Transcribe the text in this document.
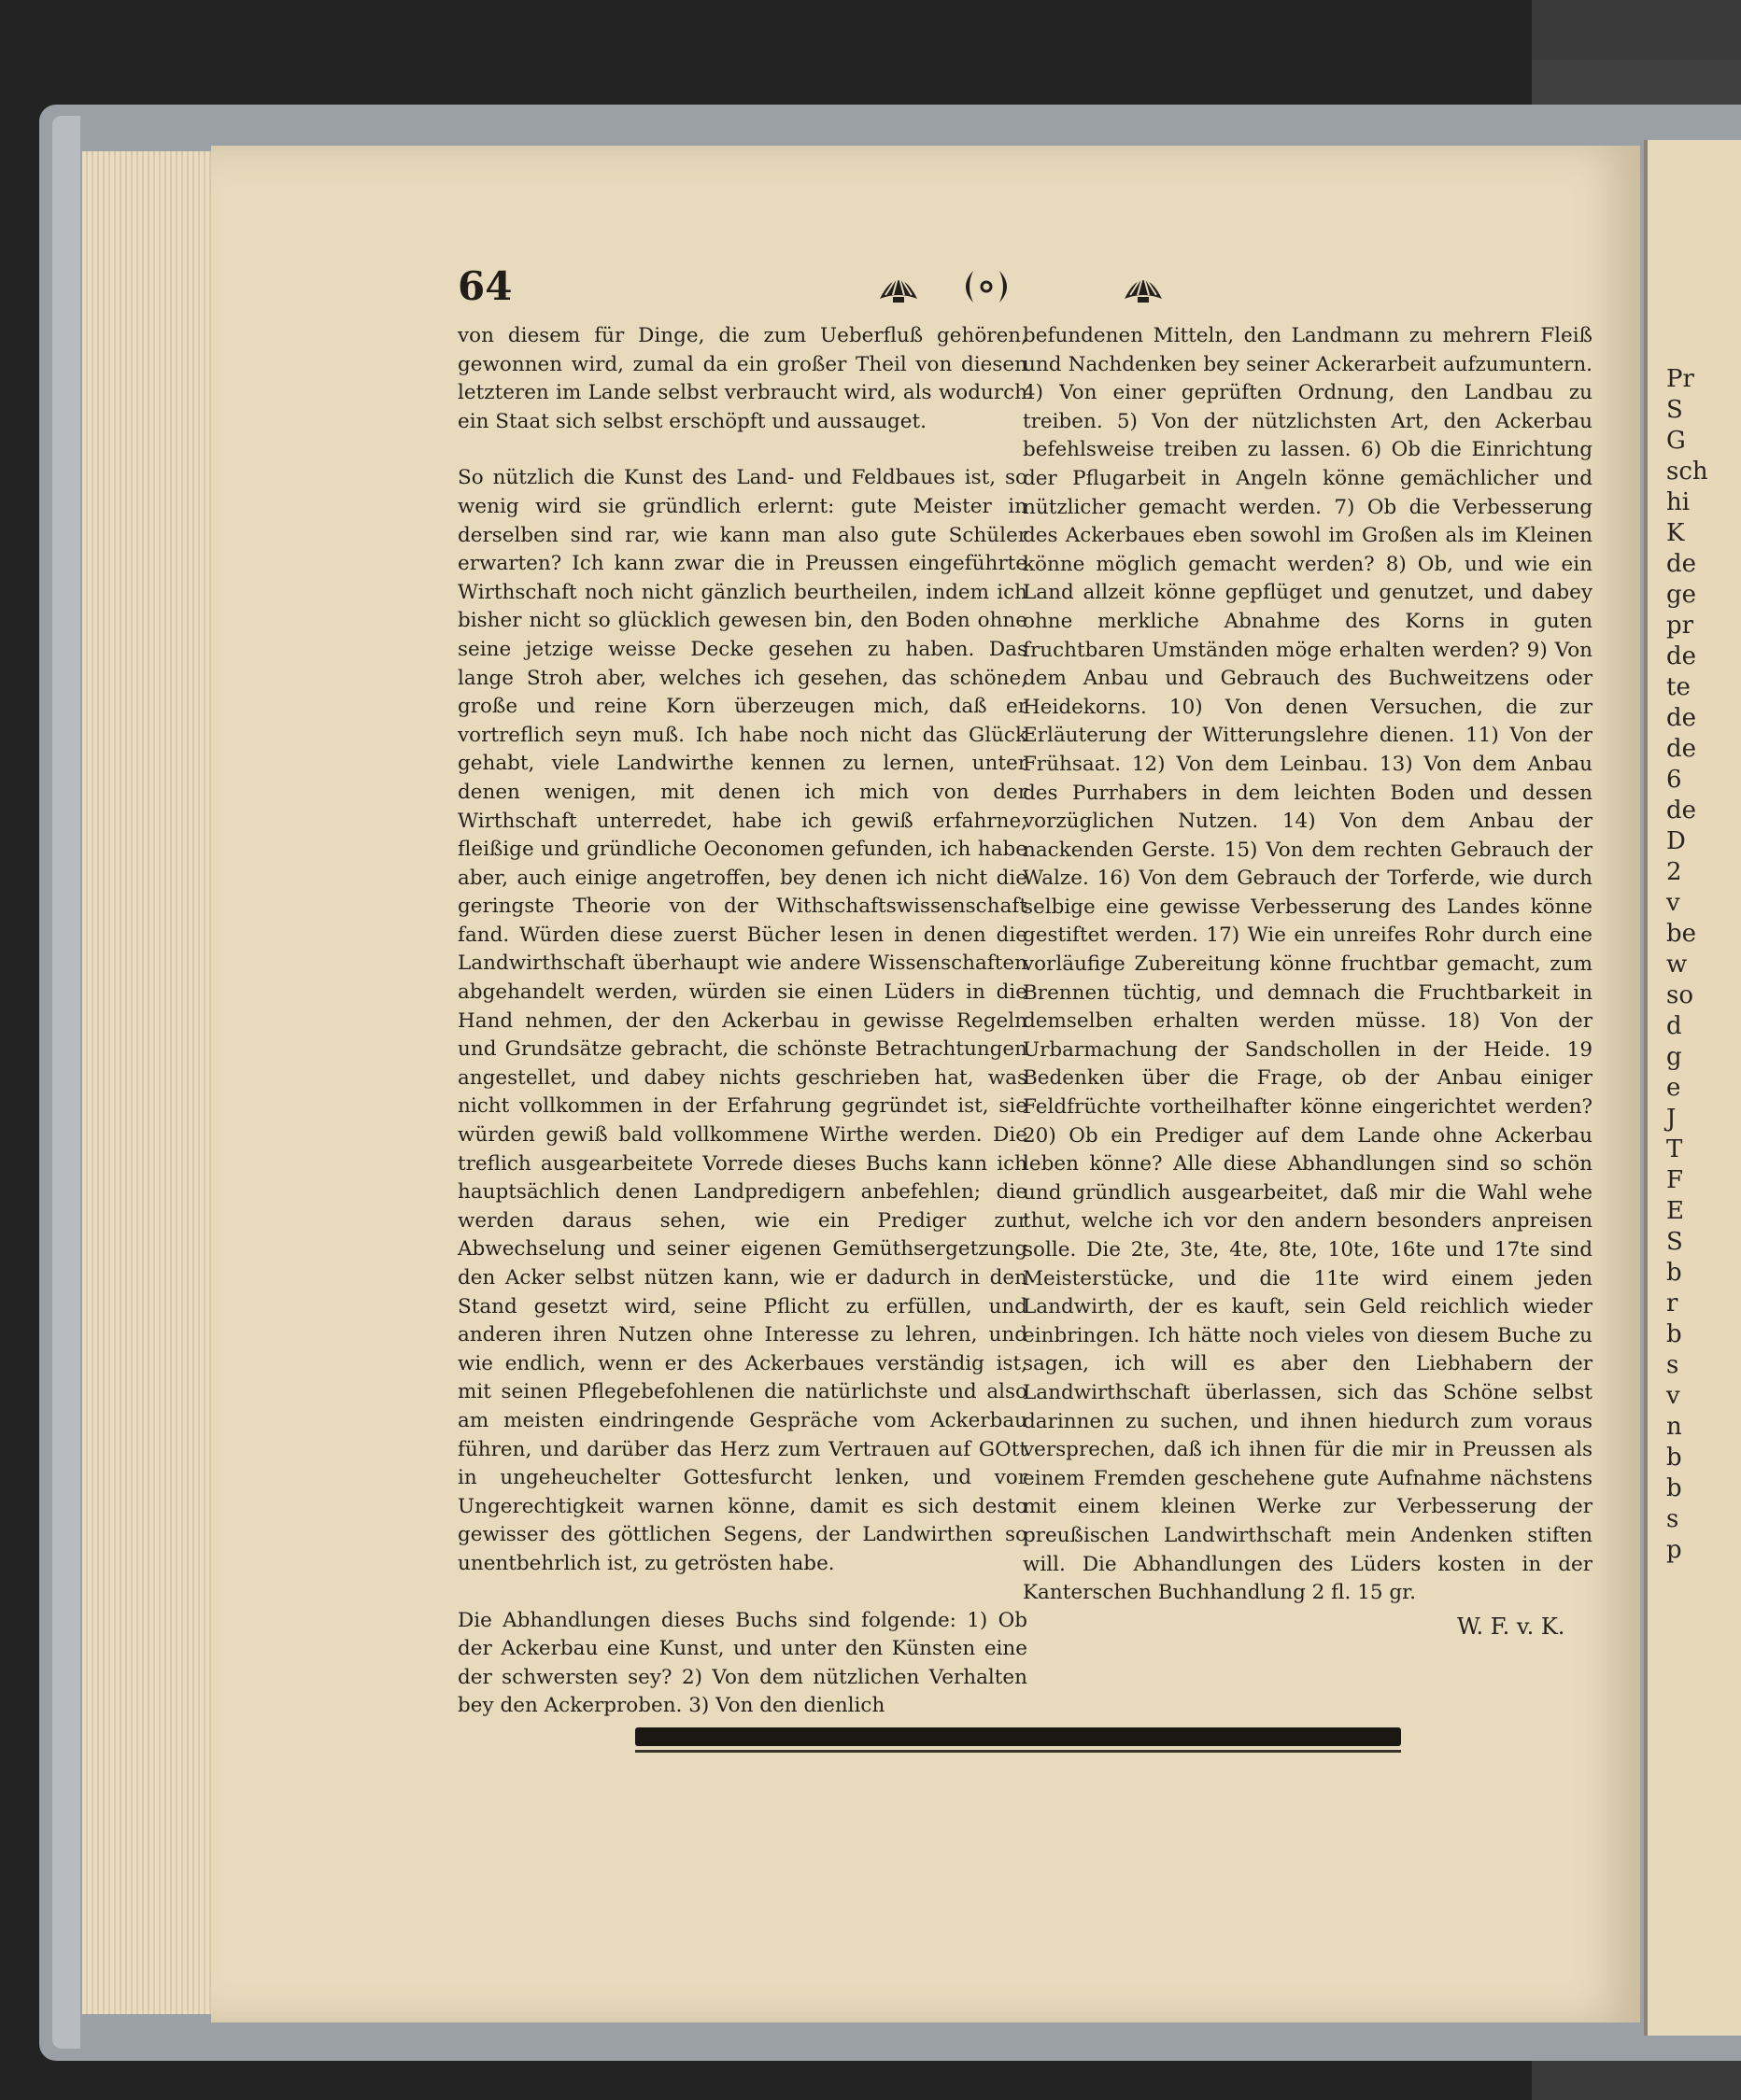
Pr
S
G
sch
hi
K
de
ge
pr
de
te
de
de
6
de
D
2
v
be
w
so
d
g
e
J
T
F
E
S
b
r
b
s
v
n
b
b
s
p
64

von diesem für Dinge, die zum Ueberfluß gehören, gewonnen wird, zumal da ein großer Theil von diesen letzteren im Lande selbst verbraucht wird, als wodurch ein Staat sich selbst erschöpft und aussauget.

So nützlich die Kunst des Land- und Feldbaues ist, so wenig wird sie gründlich erlernt: gute Meister in derselben sind rar, wie kann man also gute Schüler erwarten? Ich kann zwar die in Preussen eingeführte Wirthschaft noch nicht gänzlich beurtheilen, indem ich bisher nicht so glücklich gewesen bin, den Boden ohne seine jetzige weisse Decke gesehen zu haben. Das lange Stroh aber, welches ich gesehen, das schöne, große und reine Korn überzeugen mich, daß er vortreflich seyn muß. Ich habe noch nicht das Glück gehabt, viele Landwirthe kennen zu lernen, unter denen wenigen, mit denen ich mich von der Wirthschaft unterredet, habe ich gewiß erfahrne, fleißige und gründliche Oeconomen gefunden, ich habe aber, auch einige angetroffen, bey denen ich nicht die geringste Theorie von der Withschaftswissenschaft fand. Würden diese zuerst Bücher lesen in denen die Landwirthschaft überhaupt wie andere Wissenschaften abgehandelt werden, würden sie einen Lüders in die Hand nehmen, der den Ackerbau in gewisse Regeln und Grundsätze gebracht, die schönste Betrachtungen angestellet, und dabey nichts geschrieben hat, was nicht vollkommen in der Erfahrung gegründet ist, sie würden gewiß bald vollkommene Wirthe werden. Die treflich ausgearbeitete Vorrede dieses Buchs kann ich hauptsächlich denen Landpredigern anbefehlen; die werden daraus sehen, wie ein Prediger zur Abwechselung und seiner eigenen Gemüthsergetzung den Acker selbst nützen kann, wie er dadurch in den Stand gesetzt wird, seine Pflicht zu erfüllen, und anderen ihren Nutzen ohne Interesse zu lehren, und wie endlich, wenn er des Ackerbaues verständig ist, mit seinen Pflegebefohlenen die natürlichste und also am meisten eindringende Gespräche vom Ackerbau führen, und darüber das Herz zum Vertrauen auf GOtt in ungeheuchelter Gottesfurcht lenken, und vor Ungerechtigkeit warnen könne, damit es sich desto gewisser des göttlichen Segens, der Landwirthen so unentbehrlich ist, zu getrösten habe.

Die Abhandlungen dieses Buchs sind folgende: 1) Ob der Ackerbau eine Kunst, und unter den Künsten eine der schwersten sey? 2) Von dem nützlichen Verhalten bey den Ackerproben. 3) Von den dienlich

befundenen Mitteln, den Landmann zu mehrern Fleiß und Nachdenken bey seiner Ackerarbeit aufzumuntern. 4) Von einer geprüften Ordnung, den Landbau zu treiben. 5) Von der nützlichsten Art, den Ackerbau befehlsweise treiben zu lassen. 6) Ob die Einrichtung der Pflugarbeit in Angeln könne gemächlicher und nützlicher gemacht werden. 7) Ob die Verbesserung des Ackerbaues eben sowohl im Großen als im Kleinen könne möglich gemacht werden? 8) Ob, und wie ein Land allzeit könne gepflüget und genutzet, und dabey ohne merkliche Abnahme des Korns in guten fruchtbaren Umständen möge erhalten werden? 9) Von dem Anbau und Gebrauch des Buchweitzens oder Heidekorns. 10) Von denen Versuchen, die zur Erläuterung der Witterungslehre dienen. 11) Von der Frühsaat. 12) Von dem Leinbau. 13) Von dem Anbau des Purrhabers in dem leichten Boden und dessen vorzüglichen Nutzen. 14) Von dem Anbau der nackenden Gerste. 15) Von dem rechten Gebrauch der Walze. 16) Von dem Gebrauch der Torferde, wie durch selbige eine gewisse Verbesserung des Landes könne gestiftet werden. 17) Wie ein unreifes Rohr durch eine vorläufige Zubereitung könne fruchtbar gemacht, zum Brennen tüchtig, und demnach die Fruchtbarkeit in demselben erhalten werden müsse. 18) Von der Urbarmachung der Sandschollen in der Heide. 19 Bedenken über die Frage, ob der Anbau einiger Feldfrüchte vortheilhafter könne eingerichtet werden? 20) Ob ein Prediger auf dem Lande ohne Ackerbau leben könne? Alle diese Abhandlungen sind so schön und gründlich ausgearbeitet, daß mir die Wahl wehe thut, welche ich vor den andern besonders anpreisen solle. Die 2te, 3te, 4te, 8te, 10te, 16te und 17te sind Meisterstücke, und die 11te wird einem jeden Landwirth, der es kauft, sein Geld reichlich wieder einbringen. Ich hätte noch vieles von diesem Buche zu sagen, ich will es aber den Liebhabern der Landwirthschaft überlassen, sich das Schöne selbst darinnen zu suchen, und ihnen hiedurch zum voraus versprechen, daß ich ihnen für die mir in Preussen als einem Fremden geschehene gute Aufnahme nächstens mit einem kleinen Werke zur Verbesserung der preußischen Landwirthschaft mein Andenken stiften will. Die Abhandlungen des Lüders kosten in der Kanterschen Buchhandlung 2 fl. 15 gr.

W. F. v. K.
